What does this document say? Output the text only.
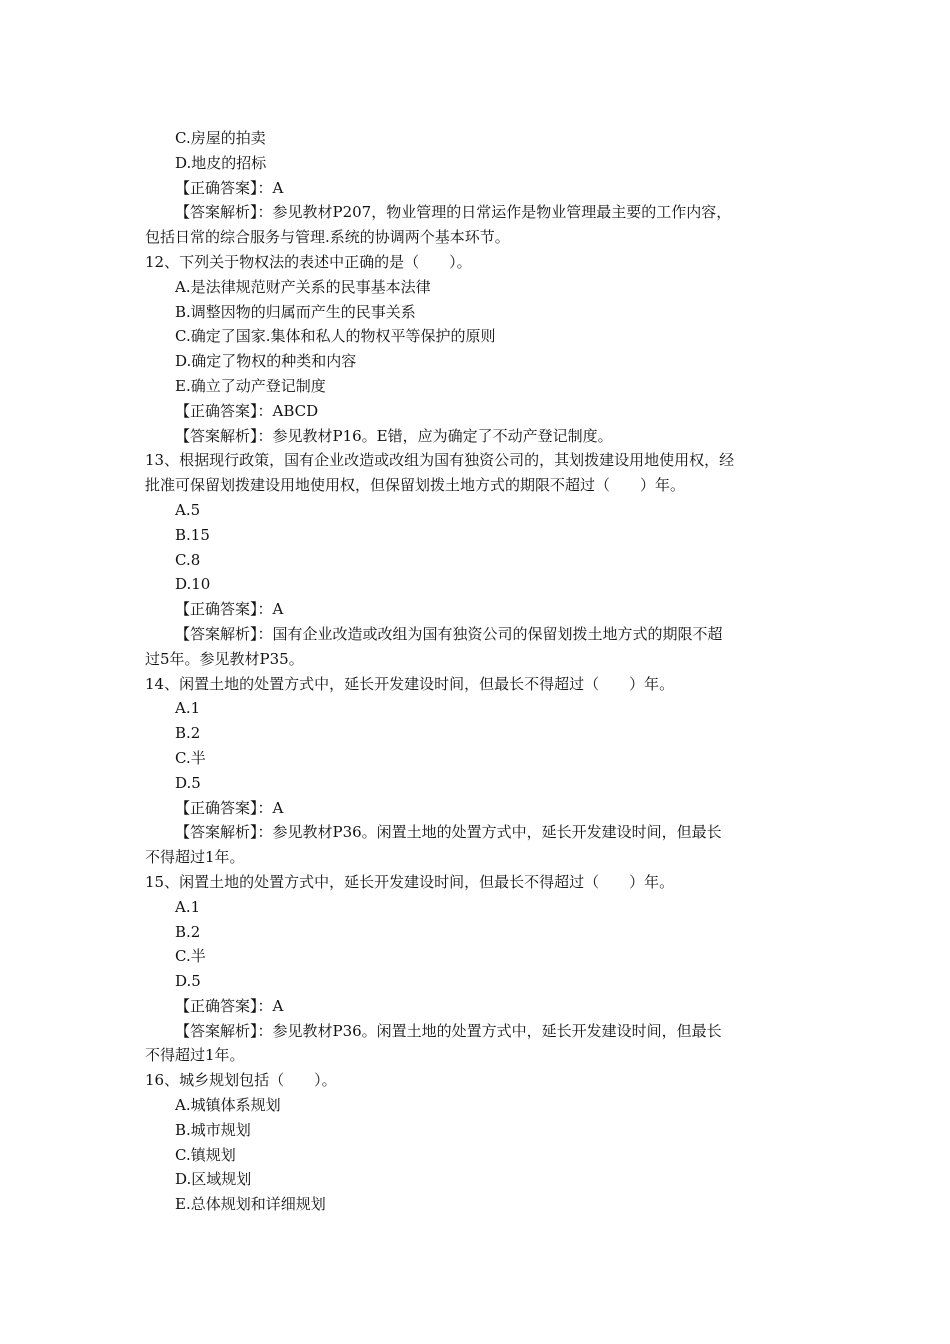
C.房屋的拍卖
D.地皮的招标
【正确答案】：A
【答案解析】：参见教材P207，物业管理的日常运作是物业管理最主要的工作内容，
包括日常的综合服务与管理.系统的协调两个基本环节。
12、下列关于物权法的表述中正确的是（　　）。
A.是法律规范财产关系的民事基本法律
B.调整因物的归属而产生的民事关系
C.确定了国家.集体和私人的物权平等保护的原则
D.确定了物权的种类和内容
E.确立了动产登记制度
【正确答案】：ABCD
【答案解析】：参见教材P16。E错，应为确定了不动产登记制度。
13、根据现行政策，国有企业改造或改组为国有独资公司的，其划拨建设用地使用权，经
批准可保留划拨建设用地使用权，但保留划拨土地方式的期限不超过（　　）年。
A.5
B.15
C.8
D.10
【正确答案】：A
【答案解析】：国有企业改造或改组为国有独资公司的保留划拨土地方式的期限不超
过5年。参见教材P35。
14、闲置土地的处置方式中，延长开发建设时间，但最长不得超过（　　）年。
A.1
B.2
C.半
D.5
【正确答案】：A
【答案解析】：参见教材P36。闲置土地的处置方式中，延长开发建设时间，但最长
不得超过1年。
15、闲置土地的处置方式中，延长开发建设时间，但最长不得超过（　　）年。
A.1
B.2
C.半
D.5
【正确答案】：A
【答案解析】：参见教材P36。闲置土地的处置方式中，延长开发建设时间，但最长
不得超过1年。
16、城乡规划包括（　　）。
A.城镇体系规划
B.城市规划
C.镇规划
D.区域规划
E.总体规划和详细规划
